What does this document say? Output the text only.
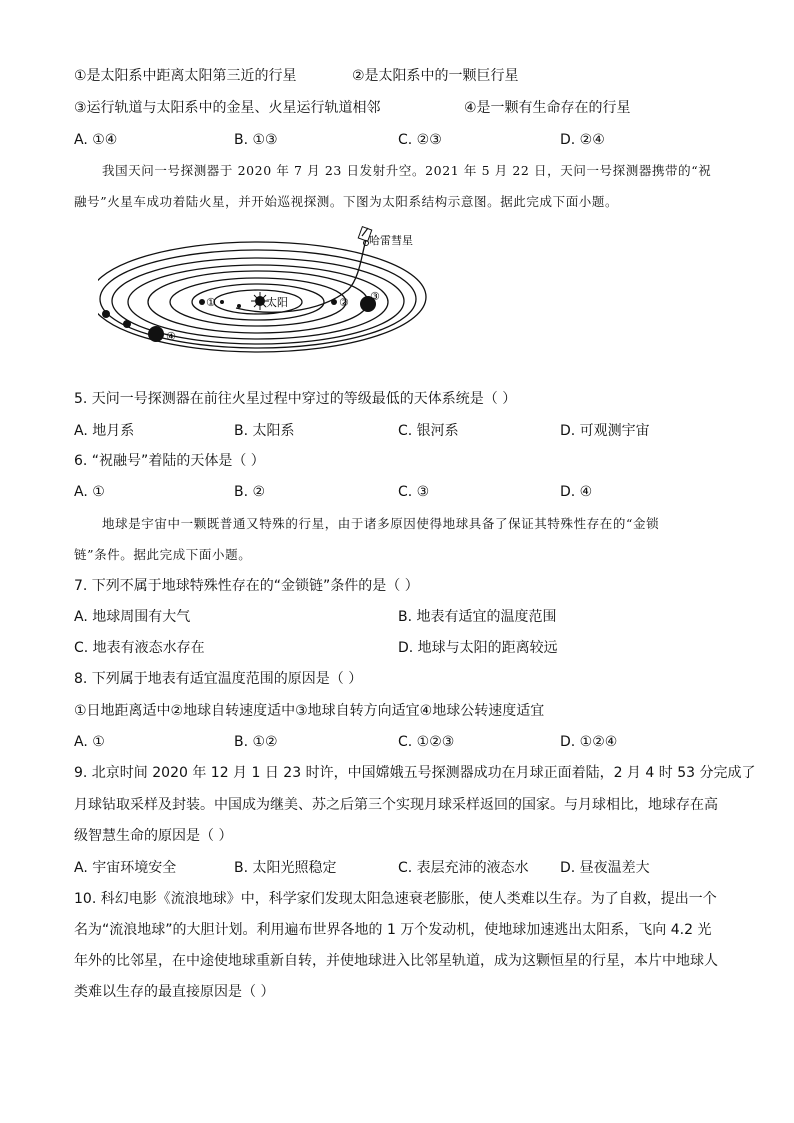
①是太阳系中距离太阳第三近的行星	②是太阳系中的一颗巨行星
③运行轨道与太阳系中的金星、火星运行轨道相邻	④是一颗有生命存在的行星
A. ①④	B. ①③	C. ②③	D. ②④
我国天问一号探测器于 2020 年 7 月 23 日发射升空。2021 年 5 月 22 日，天问一号探测器携带的“祝
融号”火星车成功着陆火星，并开始巡视探测。下图为太阳系结构示意图。据此完成下面小题。
太阳
①	② ③
④
哈雷彗星
5. 天问一号探测器在前往火星过程中穿过的等级最低的天体系统是（ ）
A. 地月系	B. 太阳系	C. 银河系	D. 可观测宇宙
6. “祝融号”着陆的天体是（ ）
A. ①	B. ②	C. ③	D. ④
地球是宇宙中一颗既普通又特殊的行星，由于诸多原因使得地球具备了保证其特殊性存在的“金锁
链”条件。据此完成下面小题。
7. 下列不属于地球特殊性存在的“金锁链”条件的是（ ）
A. 地球周围有大气	B. 地表有适宜的温度范围
C. 地表有液态水存在	D. 地球与太阳的距离较远
8. 下列属于地表有适宜温度范围的原因是（ ）
①日地距离适中②地球自转速度适中③地球自转方向适宜④地球公转速度适宜
A. ①	B. ①②	C. ①②③	D. ①②④
9. 北京时间 2020 年 12 月 1 日 23 时许，中国嫦娥五号探测器成功在月球正面着陆，2 月 4 时 53 分完成了
月球钻取采样及封装。中国成为继美、苏之后第三个实现月球采样返回的国家。与月球相比，地球存在高
级智慧生命的原因是（ ）
A. 宇宙环境安全	B. 太阳光照稳定	C. 表层充沛的液态水 D. 昼夜温差大
10. 科幻电影《流浪地球》中，科学家们发现太阳急速衰老膨胀，使人类难以生存。为了自救，提出一个
名为“流浪地球”的大胆计划。利用遍布世界各地的 1 万个发动机，使地球加速逃出太阳系，飞向 4.2 光
年外的比邻星，在中途使地球重新自转，并使地球进入比邻星轨道，成为这颗恒星的行星，本片中地球人
类难以生存的最直接原因是（ ）
